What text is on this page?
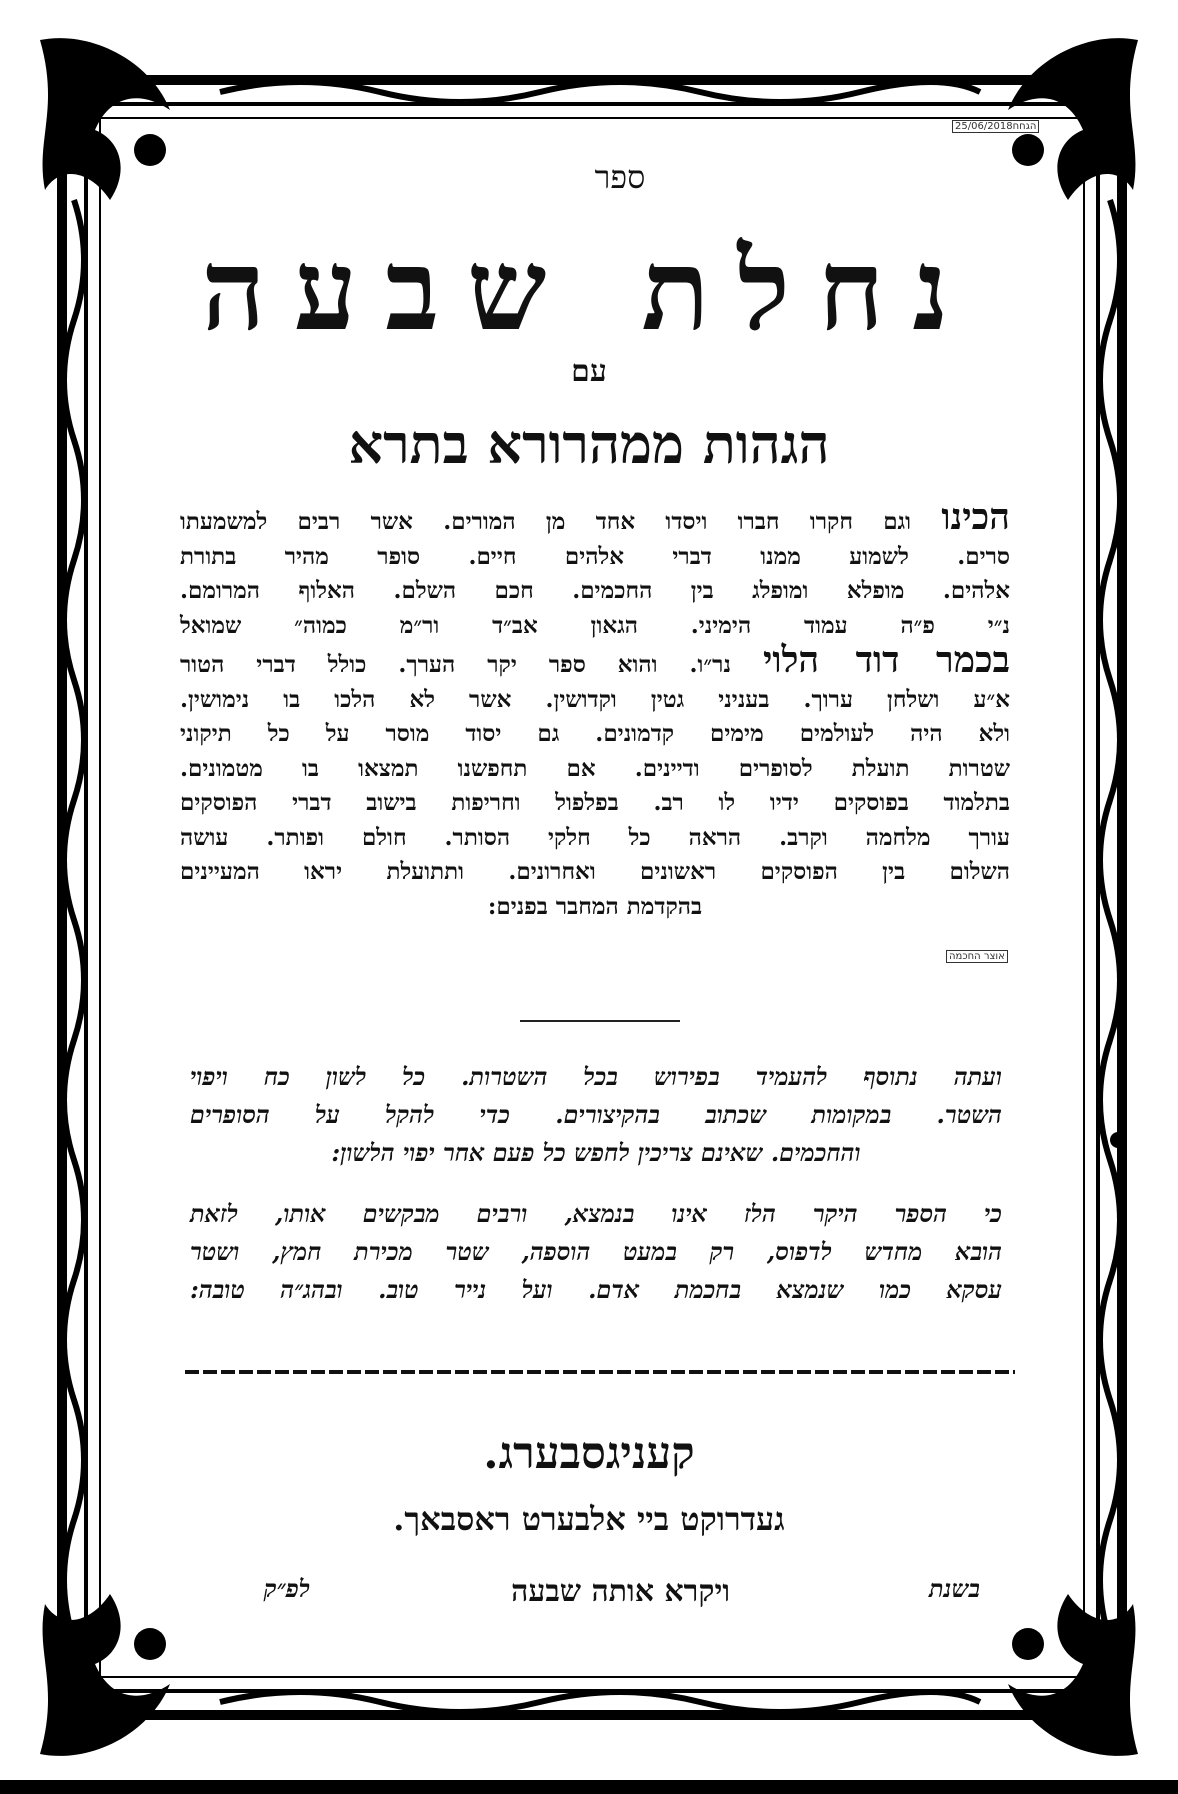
25/06/2018הגחח
אוצר החכמה
ספר
נחלת שבעה
עם
הגהות ממהרורא בתרא
הכינו וגם חקרו חברו ויסדו אחד מן המורים. אשר רבים למשמעתו
סרים. לשמוע ממנו דברי אלהים חיים. סופר מהיר בתורת
אלהים. מופלא ומופלג בין החכמים. חכם השלם. האלוף המרומם.
נ״י פ״ה עמוד הימיני. הגאון אב״ד ור״מ כמוה״ שמואל
בכמר דוד הלוי נר״ו. והוא ספר יקר הערך. כולל דברי הטור
א״ע ושלחן ערוך. בעניני גטין וקדושין. אשר לא הלכו בו נימושין.
ולא היה לעולמים מימים קדמונים. גם יסוד מוסר על כל תיקוני
שטרות תועלת לסופרים ודיינים. אם תחפשנו תמצאו בו מטמונים.
בתלמוד בפוסקים ידיו לו רב. בפלפול וחריפות בישוב דברי הפוסקים
עורך מלחמה וקרב. הראה כל חלקי הסותר. חולם ופותר. עושה
השלום בין הפוסקים ראשונים ואחרונים. ותתועלת יראו המעיינים
בהקדמת המחבר בפנים:
ועתה נתוסף להעמיד בפירוש בכל השטרות. כל לשון כח ויפוי
השטר. במקומות שכתוב בהקיצורים. כדי להקל על הסופרים
והחכמים. שאינם צריכין לחפש כל פעם אחר יפוי הלשון:
כי הספר היקר הלז אינו בנמצא, ורבים מבקשים אותו, לזאת
הובא מחדש לדפוס, רק במעט הוספה, שטר מכירת חמץ, ושטר
עסקא כמו שנמצא בחכמת אדם. ועל נייר טוב. ובהג״ה טובה:
קעניגסבערג.
געדרוקט ביי אלבערט ראסבאך.
בשנת
ויקרא אותה שבעה
לפ״ק
